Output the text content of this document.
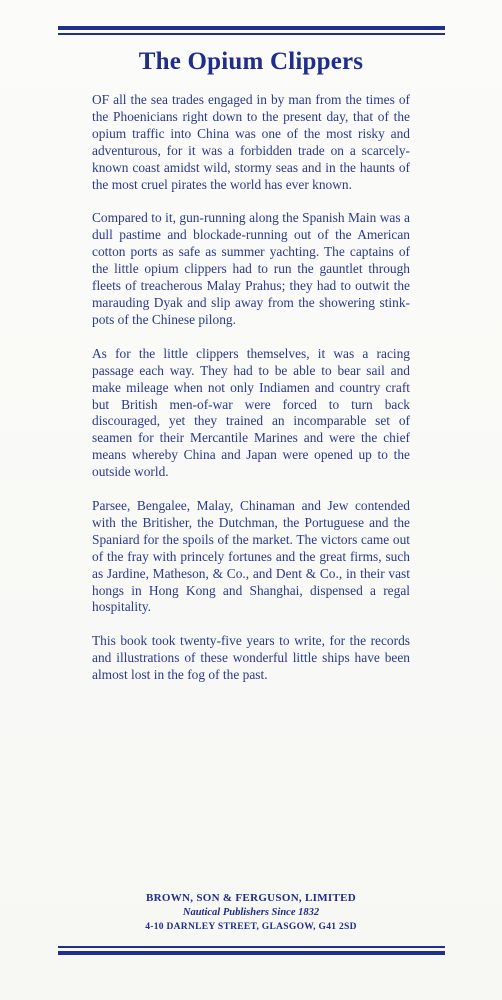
The Opium Clippers

OF all the sea trades engaged in by man from the times of the Phoenicians right down to the present day, that of the opium traffic into China was one of the most risky and adventurous, for it was a forbidden trade on a scarcely-known coast amidst wild, stormy seas and in the haunts of the most cruel pirates the world has ever known.

Compared to it, gun-running along the Spanish Main was a dull pastime and blockade-running out of the American cotton ports as safe as summer yachting. The captains of the little opium clippers had to run the gauntlet through fleets of treacherous Malay Prahus; they had to outwit the marauding Dyak and slip away from the showering stink-pots of the Chinese pilong.

As for the little clippers themselves, it was a racing passage each way. They had to be able to bear sail and make mileage when not only Indiamen and country craft but British men-of-war were forced to turn back discouraged, yet they trained an incomparable set of seamen for their Mercantile Marines and were the chief means whereby China and Japan were opened up to the outside world.

Parsee, Bengalee, Malay, Chinaman and Jew contended with the Britisher, the Dutchman, the Portuguese and the Spaniard for the spoils of the market. The victors came out of the fray with princely fortunes and the great firms, such as Jardine, Matheson, & Co., and Dent & Co., in their vast hongs in Hong Kong and Shanghai, dispensed a regal hospitality.

This book took twenty-five years to write, for the records and illustrations of these wonderful little ships have been almost lost in the fog of the past.

BROWN, SON & FERGUSON, LIMITED
Nautical Publishers Since 1832
4-10 DARNLEY STREET, GLASGOW, G41 2SD
